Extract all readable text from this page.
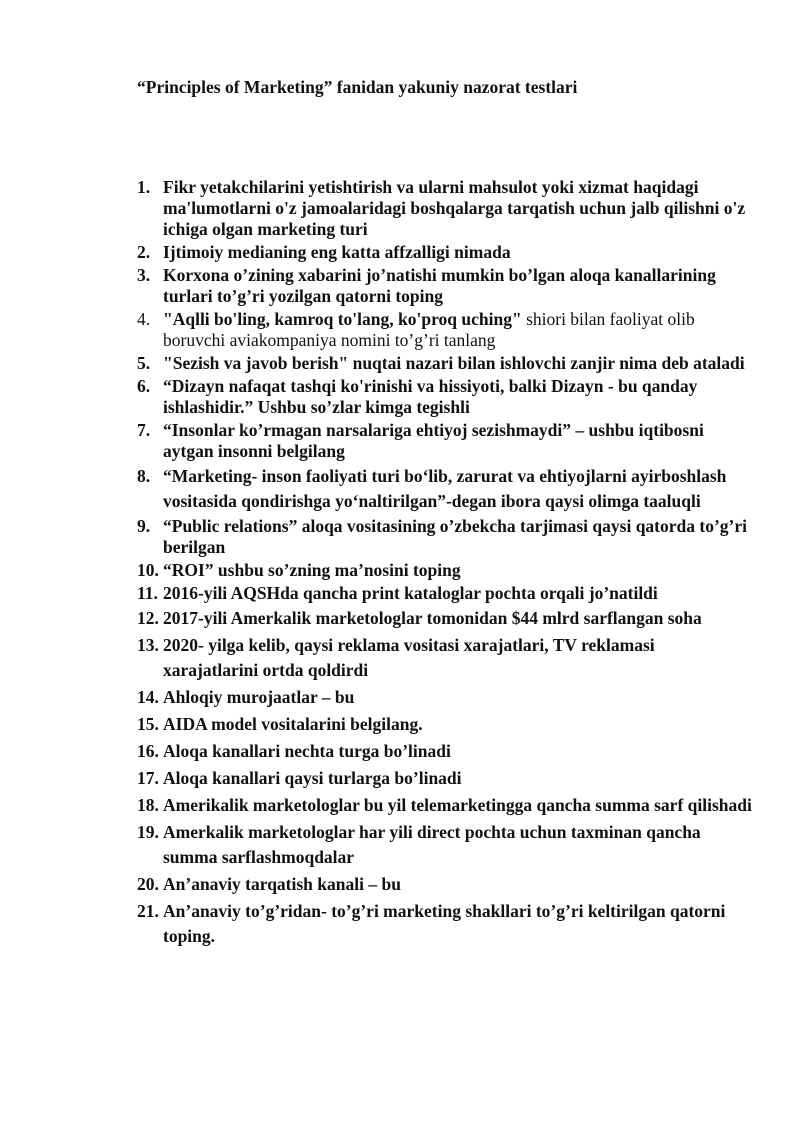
“Principles of Marketing” fanidan yakuniy nazorat testlari
1. Fikr yetakchilarini yetishtirish va ularni mahsulot yoki xizmat haqidagi ma'lumotlarni o'z jamoalaridagi boshqalarga tarqatish uchun jalb qilishni o'z ichiga olgan marketing turi
2. Ijtimoiy medianing eng katta affzalligi nimada
3. Korxona o’zining xabarini jo’natishi mumkin bo’lgan aloqa kanallarining turlari to’g’ri yozilgan qatorni toping
4. "Aqlli bo'ling, kamroq to'lang, ko'proq uching" shiori bilan faoliyat olib boruvchi aviakompaniya nomini to’g’ri tanlang
5. "Sezish va javob berish" nuqtai nazari bilan ishlovchi zanjir nima deb ataladi
6. “Dizayn nafaqat tashqi ko'rinishi va hissiyoti, balki Dizayn - bu qanday ishlashidir.” Ushbu so’zlar kimga tegishli
7. “Insonlar ko’rmagan narsalariga ehtiyoj sezishmaydi” – ushbu iqtibosni aytgan insonni belgilang
8. “Marketing- inson faoliyati turi bo‘lib, zarurat va ehtiyojlarni ayirboshlash vositasida qondirishga yo‘naltirilgan”-degan ibora qaysi olimga taaluqli
9. “Public relations” aloqa vositasining o’zbekcha tarjimasi qaysi qatorda to’g’ri berilgan
10. “ROI” ushbu so’zning ma’nosini toping
11. 2016-yili AQSHda qancha print kataloglar pochta orqali jo’natildi
12. 2017-yili Amerkalik marketologlar tomonidan $44 mlrd sarflangan soha
13. 2020- yilga kelib, qaysi reklama vositasi xarajatlari, TV reklamasi xarajatlarini ortda qoldirdi
14. Ahloqiy murojaatlar – bu
15. AIDA model vositalarini belgilang.
16. Aloqa kanallari nechta turga bo’linadi
17. Aloqa kanallari qaysi turlarga bo’linadi
18. Amerikalik marketologlar bu yil telemarketingga qancha summa sarf qilishadi
19. Amerkalik marketologlar har yili direct pochta uchun taxminan qancha summa sarflashmoqdalar
20. An’anaviy tarqatish kanali – bu
21. An’anaviy to’g’ridan- to’g’ri marketing shakllari to’g’ri keltirilgan qatorni toping.
